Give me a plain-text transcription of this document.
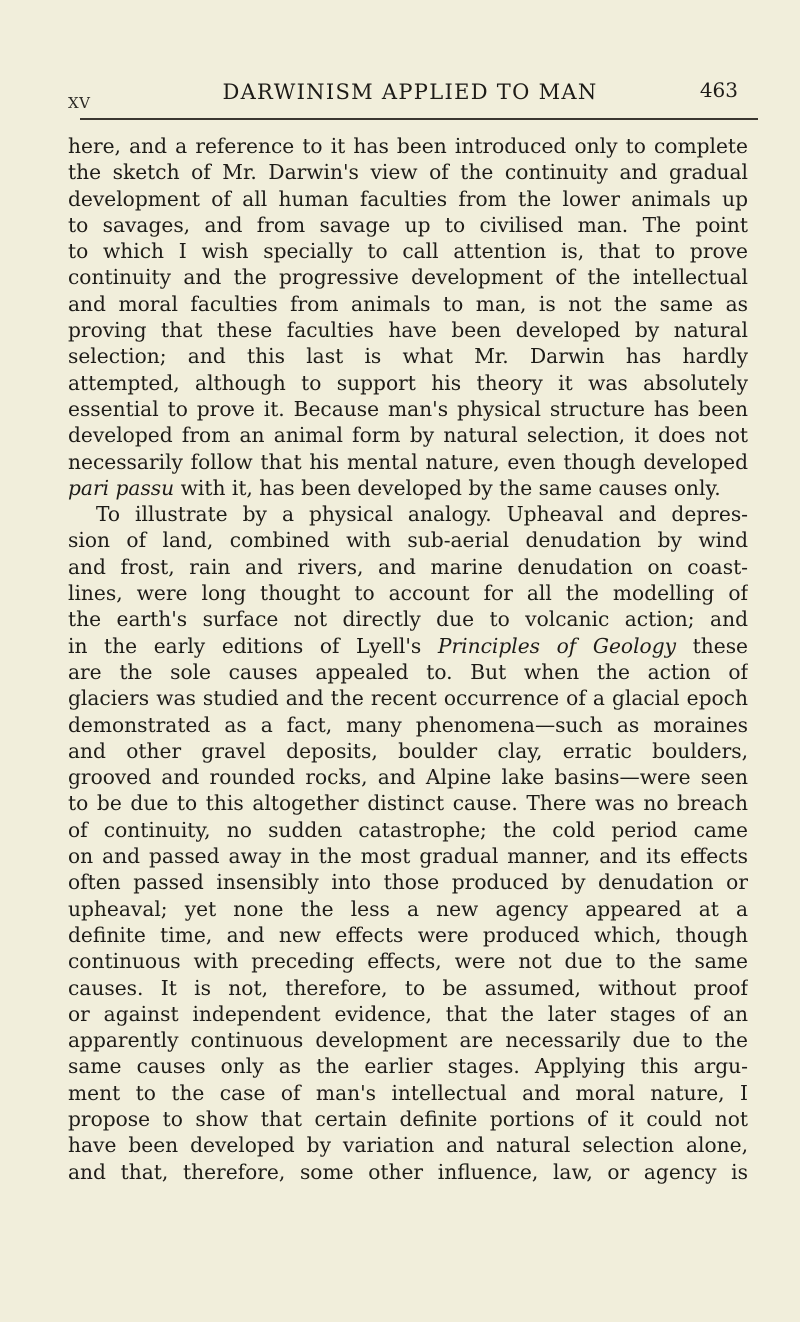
XV	DARWINISM APPLIED TO MAN	463
here, and a reference to it has been introduced only to complete
the sketch of Mr. Darwin's view of the continuity and gradual
development of all human faculties from the lower animals up
to savages, and from savage up to civilised man. The point
to which I wish specially to call attention is, that to prove
continuity and the progressive development of the intellectual
and moral faculties from animals to man, is not the same as
proving that these faculties have been developed by natural
selection; and this last is what Mr. Darwin has hardly
attempted, although to support his theory it was absolutely
essential to prove it. Because man's physical structure has been
developed from an animal form by natural selection, it does not
necessarily follow that his mental nature, even though developed
pari passu with it, has been developed by the same causes only.
To illustrate by a physical analogy. Upheaval and depres-
sion of land, combined with sub-aerial denudation by wind
and frost, rain and rivers, and marine denudation on coast-
lines, were long thought to account for all the modelling of
the earth's surface not directly due to volcanic action; and
in the early editions of Lyell's Principles of Geology these
are the sole causes appealed to. But when the action of
glaciers was studied and the recent occurrence of a glacial epoch
demonstrated as a fact, many phenomena—such as moraines
and other gravel deposits, boulder clay, erratic boulders,
grooved and rounded rocks, and Alpine lake basins—were seen
to be due to this altogether distinct cause. There was no breach
of continuity, no sudden catastrophe; the cold period came
on and passed away in the most gradual manner, and its effects
often passed insensibly into those produced by denudation or
upheaval; yet none the less a new agency appeared at a
definite time, and new effects were produced which, though
continuous with preceding effects, were not due to the same
causes. It is not, therefore, to be assumed, without proof
or against independent evidence, that the later stages of an
apparently continuous development are necessarily due to the
same causes only as the earlier stages. Applying this argu-
ment to the case of man's intellectual and moral nature, I
propose to show that certain definite portions of it could not
have been developed by variation and natural selection alone,
and that, therefore, some other influence, law, or agency is
